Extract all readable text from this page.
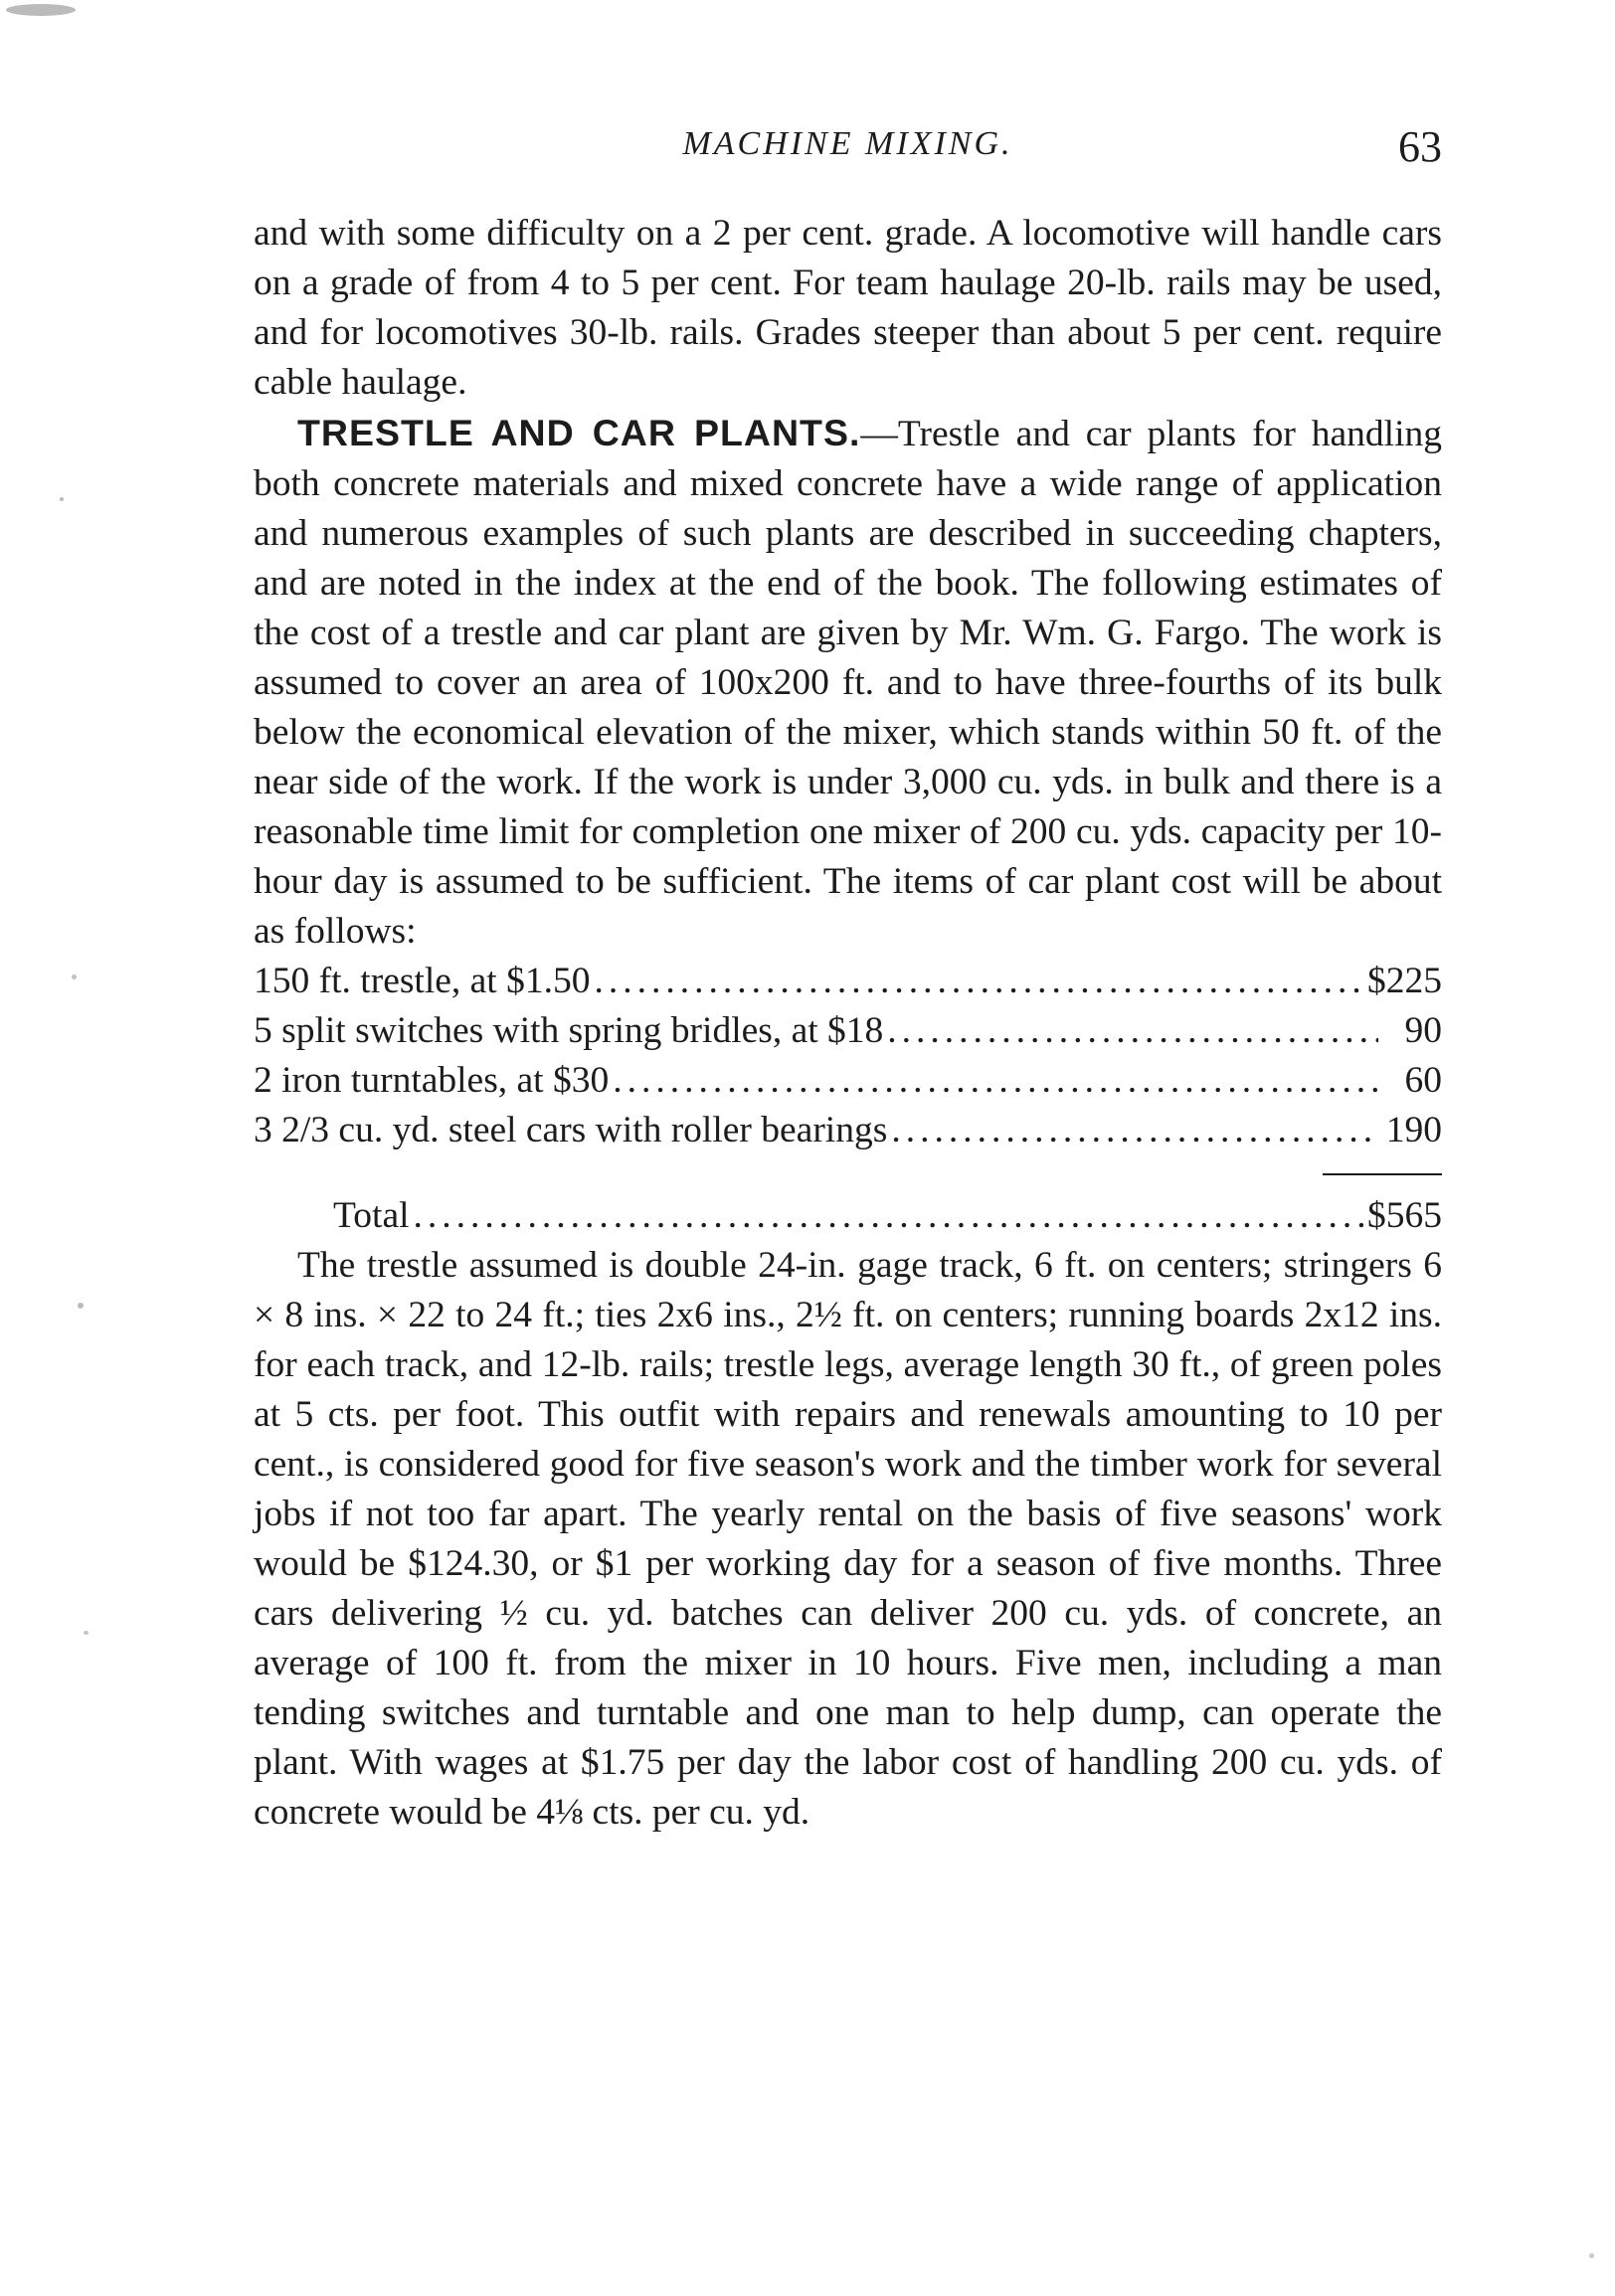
MACHINE MIXING.	63

and with some difficulty on a 2 per cent. grade. A locomotive will handle cars on a grade of from 4 to 5 per cent. For team haulage 20-lb. rails may be used, and for locomotives 30-lb. rails. Grades steeper than about 5 per cent. require cable haulage.

TRESTLE AND CAR PLANTS.—Trestle and car plants for handling both concrete materials and mixed concrete have a wide range of application and numerous examples of such plants are described in succeeding chapters, and are noted in the index at the end of the book. The following estimates of the cost of a trestle and car plant are given by Mr. Wm. G. Fargo. The work is assumed to cover an area of 100x200 ft. and to have three-fourths of its bulk below the economical elevation of the mixer, which stands within 50 ft. of the near side of the work. If the work is under 3,000 cu. yds. in bulk and there is a reasonable time limit for completion one mixer of 200 cu. yds. capacity per 10-hour day is assumed to be sufficient. The items of car plant cost will be about as follows:

150 ft. trestle, at $1.50 .....	$225
5 split switches with spring bridles, at $18 .....	90
2 iron turntables, at $30 .....	60
3 2/3 cu. yd. steel cars with roller bearings .....	190
Total .....	$565

The trestle assumed is double 24-in. gage track, 6 ft. on centers; stringers 6 × 8 ins. × 22 to 24 ft.; ties 2x6 ins., 2½ ft. on centers; running boards 2x12 ins. for each track, and 12-lb. rails; trestle legs, average length 30 ft., of green poles at 5 cts. per foot. This outfit with repairs and renewals amounting to 10 per cent., is considered good for five season's work and the timber work for several jobs if not too far apart. The yearly rental on the basis of five seasons' work would be $124.30, or $1 per working day for a season of five months. Three cars delivering ½ cu. yd. batches can deliver 200 cu. yds. of concrete, an average of 100 ft. from the mixer in 10 hours. Five men, including a man tending switches and turntable and one man to help dump, can operate the plant. With wages at $1.75 per day the labor cost of handling 200 cu. yds. of concrete would be 4⅛ cts. per cu. yd.
